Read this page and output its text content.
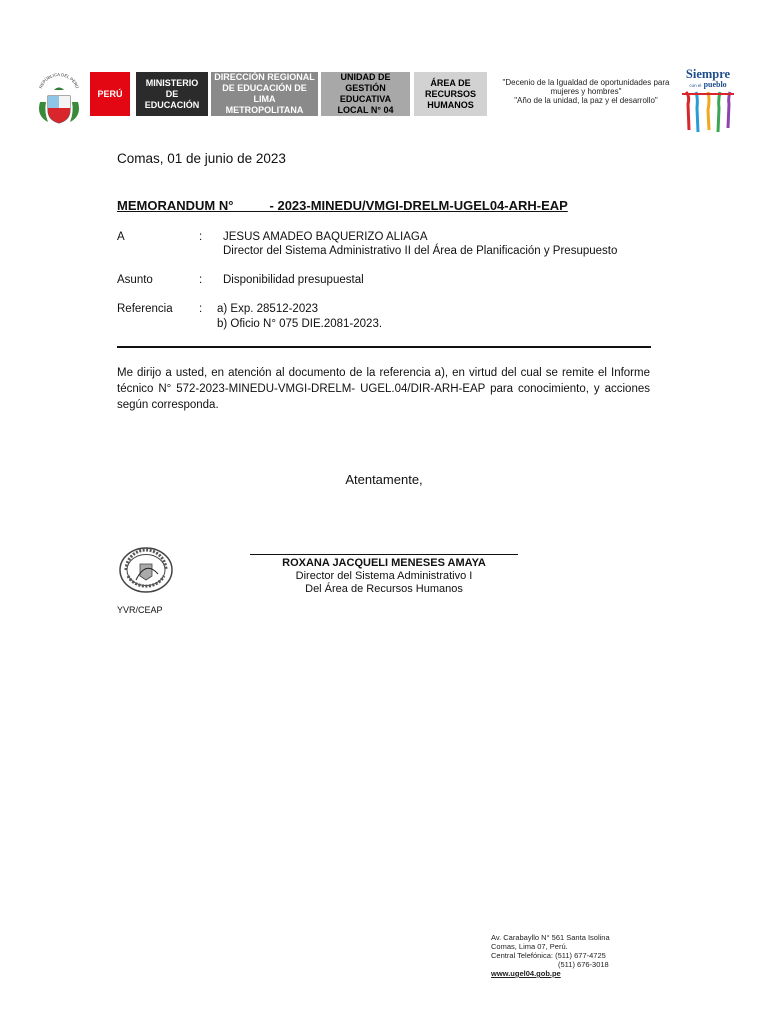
REPÚBLICA DEL PERÚ
PERÚ
MINISTERIO DE EDUCACIÓN
DIRECCIÓN REGIONAL DE EDUCACIÓN DE LIMA METROPOLITANA
UNIDAD DE GESTIÓN EDUCATIVA LOCAL N° 04
ÁREA DE RECURSOS HUMANOS
"Decenio de la Igualdad de oportunidades para mujeres y hombres"
"Año de la unidad, la paz y el desarrollo"
Siempre
con el pueblo
Comas, 01 de junio de 2023
MEMORANDUM N°          - 2023-MINEDU/VMGI-DRELM-UGEL04-ARH-EAP
A	: JESUS AMADEO BAQUERIZO ALIAGA
Director del Sistema Administrativo II del Área de Planificación y Presupuesto
Asunto	: Disponibilidad presupuestal
Referencia : a) Exp. 28512-2023
b) Oficio N° 075 DIE.2081-2023.
Me dirijo a usted, en atención al documento de la referencia a), en virtud del cual se remite el Informe técnico N° 572-2023-MINEDU-VMGI-DRELM- UGEL.04/DIR-ARH-EAP para conocimiento, y acciones según corresponda.
Atentamente,
ROXANA JACQUELI MENESES AMAYA
Director del Sistema Administrativo I
Del Área de Recursos Humanos
YVR/CEAP
Av. Carabayllo N° 561 Santa Isolina
Comas, Lima 07, Perú.
Central Telefónica: (511) 677-4725
(511) 676-3018
www.ugel04.gob.pe
